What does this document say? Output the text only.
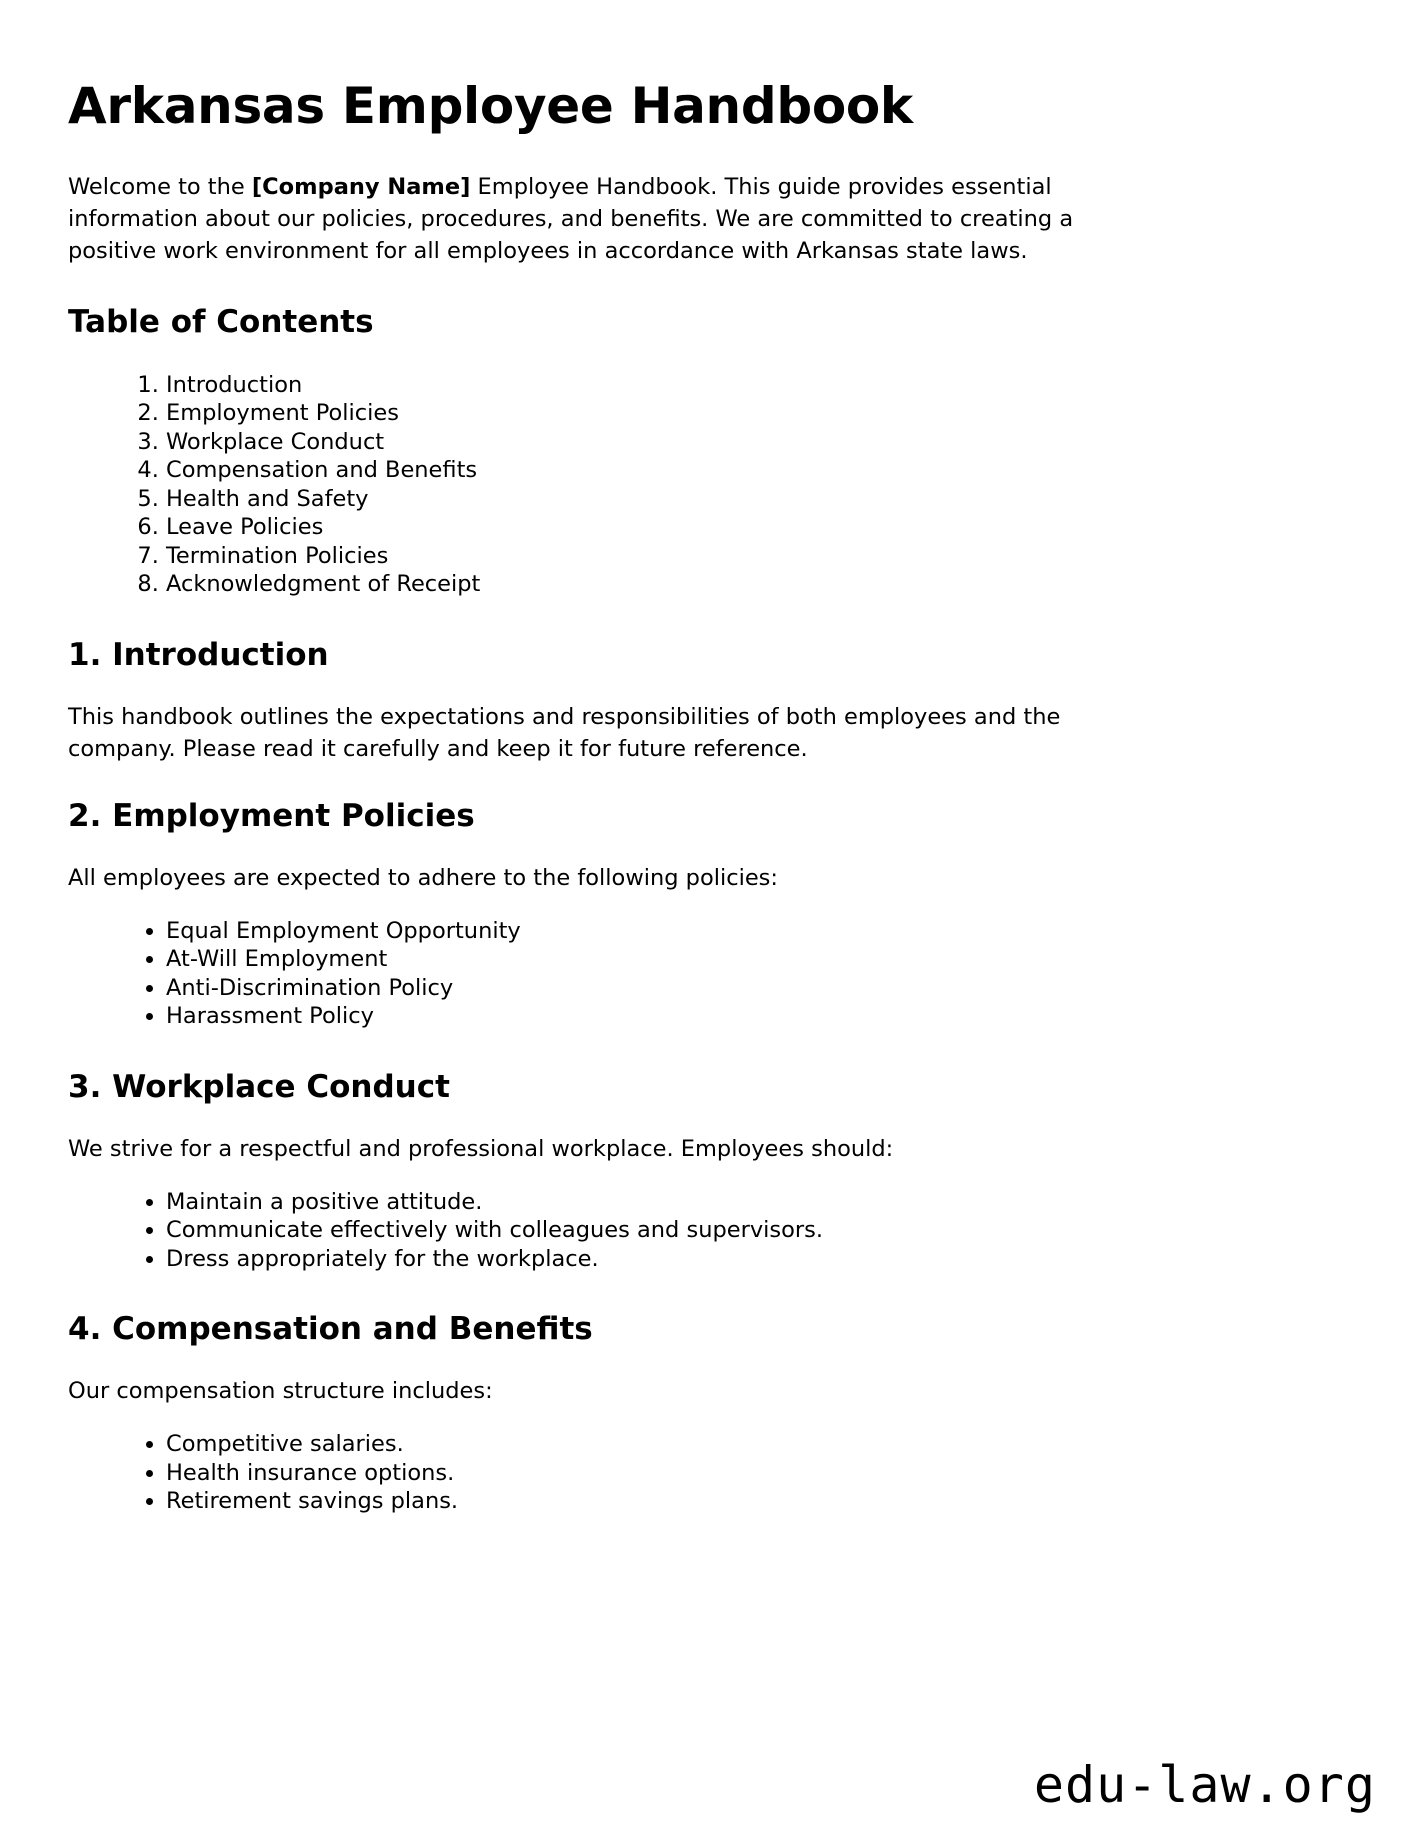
Arkansas Employee Handbook

Welcome to the [Company Name] Employee Handbook. This guide provides essential information about our policies, procedures, and benefits. We are committed to creating a positive work environment for all employees in accordance with Arkansas state laws.

Table of Contents
1. Introduction
2. Employment Policies
3. Workplace Conduct
4. Compensation and Benefits
5. Health and Safety
6. Leave Policies
7. Termination Policies
8. Acknowledgment of Receipt
1. Introduction

This handbook outlines the expectations and responsibilities of both employees and the company. Please read it carefully and keep it for future reference.

2. Employment Policies

All employees are expected to adhere to the following policies:

• Equal Employment Opportunity
• At-Will Employment
• Anti-Discrimination Policy
• Harassment Policy
3. Workplace Conduct

We strive for a respectful and professional workplace. Employees should:

• Maintain a positive attitude.
• Communicate effectively with colleagues and supervisors.
• Dress appropriately for the workplace.
4. Compensation and Benefits

Our compensation structure includes:

• Competitive salaries.
• Health insurance options.
• Retirement savings plans.
edu-law.org
